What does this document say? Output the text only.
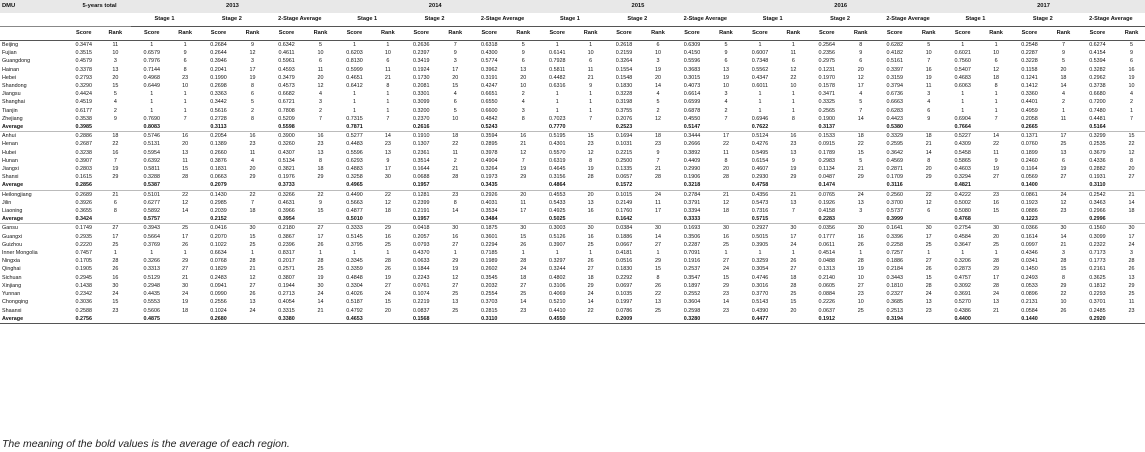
DMU	5-years total		2013						2014						2015						2016						2017					
			Stage 1		Stage 2		2-Stage Average		Stage 1		Stage 2		2-Stage Average		Stage 1		Stage 2		2-Stage Average		Stage 1		Stage 2		2-Stage Average		Stage 1		Stage 2		2-Stage Average	
	Score	Rank	Score	Rank	Score	Rank	Score	Rank	Score	Rank	Score	Rank	Score	Rank	Score	Rank	Score	Rank	Score	Rank	Score	Rank	Score	Rank	Score	Rank	Score	Rank	Score	Rank	Score	Rank
Beijing	0.3474	11	1	1	0.2684	9	0.6342	5	1	1	0.2636	7	0.6318	5	1	1	0.2618	6	0.6309	5	1	1	0.2564	8	0.6282	5	1	1	0.2548	7	0.6274	5
Fujian	0.3515	10	0.6579	9	0.2644	12	0.4611	10	0.6203	10	0.2397	9	0.4300	9	0.6141	10	0.2159	10	0.4150	9	0.6007	11	0.2356	9	0.4182	10	0.6021	10	0.2287	9	0.4154	9
Guangdong	0.4579	3	0.7976	6	0.3946	3	0.5961	6	0.8130	6	0.3419	3	0.5774	6	0.7928	6	0.3264	3	0.5596	6	0.7348	6	0.2975	6	0.5161	7	0.7560	6	0.3228	5	0.5394	6
Hainan	0.3378	13	0.7144	8	0.2041	17	0.4593	11	0.5999	11	0.1924	17	0.3962	13	0.5811	11	0.1554	19	0.3683	13	0.5562	12	0.1231	20	0.3397	16	0.5407	12	0.1158	20	0.3282	16
Hebei	0.2793	20	0.4968	23	0.1990	19	0.3479	20	0.4651	21	0.1730	20	0.3191	20	0.4482	21	0.1548	20	0.3015	19	0.4347	22	0.1970	12	0.3159	19	0.4683	18	0.1241	18	0.2962	19
Shandong	0.3290	15	0.6449	10	0.2698	8	0.4573	12	0.6412	8	0.2081	15	0.4247	10	0.6316	9	0.1830	14	0.4073	10	0.6011	10	0.1578	17	0.3794	11	0.6063	8	0.1412	14	0.3738	10
Jiangsu	0.4424	5	1	1	0.3363	6	0.6682	4	1	1	0.3301	4	0.6651	2	1	1	0.3228	4	0.6614	3	1	1	0.3471	4	0.6736	3	1	1	0.3360	4	0.6680	4
Shanghai	0.4519	4	1	1	0.3442	5	0.6721	3	1	1	0.3099	6	0.6550	4	1	1	0.3198	5	0.6599	4	1	1	0.3325	5	0.6663	4	1	1	0.4401	2	0.7200	2
Tianjin	0.6177	2	1	1	0.5616	2	0.7808	2	1	1	0.3200	5	0.6600	3	1	1	0.3755	2	0.6878	2	1	1	0.2565	7	0.6283	6	1	1	0.4959	1	0.7480	1
Zhejiang	0.3538	9	0.7690	7	0.2728	8	0.5209	7	0.7315	7	0.2370	10	0.4842	8	0.7023	7	0.2076	12	0.4550	7	0.6946	8	0.1900	14	0.4423	9	0.6904	7	0.2058	11	0.4481	7
Average	0.3985		0.8083		0.3113		0.5598		0.7871		0.2616		0.5243		0.7770		0.2523		0.5147		0.7622		0.3137		0.5380		0.7664		0.2665		0.5164	
Anhui	0.2886	18	0.5746	16	0.2054	16	0.3900	16	0.5277	14	0.1910	18	0.3594	16	0.5195	15	0.1694	18	0.3444	17	0.5124	16	0.1533	18	0.3329	18	0.5227	14	0.1371	17	0.3299	15
Henan	0.2687	22	0.5131	20	0.1389	23	0.3260	23	0.4483	23	0.1307	22	0.2895	21	0.4301	23	0.1031	23	0.2666	22	0.4276	23	0.0915	22	0.2595	21	0.4309	22	0.0760	25	0.2535	22
Hubei	0.3238	16	0.5954	13	0.2660	11	0.4307	13	0.5596	13	0.2361	11	0.3978	12	0.5570	12	0.2215	9	0.3892	11	0.5495	13	0.1789	15	0.3642	14	0.5458	11	0.1899	13	0.3679	12
Hunan	0.3907	7	0.6392	11	0.3876	4	0.5134	8	0.6293	9	0.3514	2	0.4904	7	0.6319	8	0.2500	7	0.4409	8	0.6154	9	0.2983	5	0.4569	8	0.5865	9	0.2460	6	0.4336	8
Jiangxi	0.2803	19	0.5811	15	0.1831	20	0.3821	18	0.4883	17	0.1644	21	0.3264	19	0.4645	19	0.1335	21	0.2990	20	0.4607	19	0.1134	21	0.2871	20	0.4603	19	0.1164	19	0.2882	20
Shanxi	0.1615	29	0.3288	28	0.0663	29	0.1976	29	0.3258	30	0.0688	28	0.1973	29	0.3156	28	0.0657	28	0.1906	28	0.2930	29	0.0487	29	0.1709	29	0.3294	27	0.0569	27	0.1931	27
Average	0.2856		0.5387		0.2079		0.3733		0.4965		0.1957		0.3435		0.4864		0.1572		0.3218		0.4758		0.1474		0.3116		0.4821		0.1400		0.3110	
Heilongjiang	0.2689	21	0.5101	22	0.1430	22	0.3266	22	0.4490	22	0.1281	23	0.2926	20	0.4553	20	0.1015	24	0.2784	21	0.4356	21	0.0765	24	0.2560	22	0.4222	23	0.0861	24	0.2542	21
Jilin	0.3926	6	0.6277	12	0.2985	7	0.4631	9	0.5663	12	0.2399	8	0.4031	11	0.5433	13	0.2149	11	0.3791	12	0.5473	13	0.1926	13	0.3700	12	0.5002	16	0.1923	12	0.3463	14
Liaoning	0.3655	8	0.5892	14	0.2039	18	0.3966	15	0.4877	18	0.2191	14	0.3534	17	0.4925	16	0.1760	17	0.3394	18	0.7316	7	0.4158	3	0.5737	6	0.5080	15	0.0886	23	0.2966	18
Average	0.3424		0.5757		0.2152		0.3954		0.5010		0.1957		0.3484		0.5025		0.1642		0.3333		0.5715		0.2283		0.3999		0.4768		0.1223		0.2996	
Gansu	0.1749	27	0.3943	25	0.0416	30	0.2180	27	0.3333	29	0.0418	30	0.1875	30	0.3003	30	0.0384	30	0.1693	30	0.2927	30	0.0356	30	0.1641	30	0.2754	30	0.0366	30	0.1560	30
Guangxi	0.2935	17	0.5664	17	0.2070	15	0.3867	17	0.5145	16	0.2057	16	0.3601	15	0.5126	16	0.1886	14	0.3506	16	0.5015	17	0.1777	16	0.3396	17	0.4584	20	0.1614	14	0.3099	17
Guizhou	0.2220	25	0.3769	26	0.1022	25	0.2396	26	0.3795	25	0.0793	27	0.2294	26	0.3907	25	0.0667	27	0.2287	25	0.3905	24	0.0611	26	0.2258	25	0.3647	25	0.0997	21	0.2322	24
Inner Mongolia	0.7457	1	1	1	0.6634	1	0.8317	1	1	1	0.4370	1	0.7185	1	1	1	0.4181	1	0.7091	1	1	1	0.4514	1	0.7257	1	1	1	0.4346	3	0.7173	3
Ningxia	0.1705	28	0.3266	29	0.0768	28	0.2017	28	0.3345	28	0.0633	29	0.1989	28	0.3297	26	0.0516	29	0.1916	27	0.3259	26	0.0488	28	0.1886	27	0.3206	28	0.0341	28	0.1773	28
Qinghai	0.1905	26	0.3313	27	0.1829	21	0.2571	25	0.3359	26	0.1844	19	0.2602	24	0.3244	27	0.1830	15	0.2537	24	0.3054	27	0.1313	19	0.2184	26	0.2873	29	0.1450	15	0.2161	26
Sichuan	0.2945	16	0.5129	21	0.2483	12	0.3807	19	0.4848	19	0.2243	12	0.3545	18	0.4802	18	0.2292	8	0.3547	15	0.4746	18	0.2140	10	0.3443	15	0.4757	17	0.2493	8	0.3625	13
Xinjiang	0.1438	30	0.2948	30	0.0941	27	0.1944	30	0.3304	27	0.0761	27	0.2032	27	0.3106	29	0.0697	26	0.1897	29	0.3016	28	0.0605	27	0.1810	28	0.3092	28	0.0533	29	0.1812	29
Yunnan	0.2342	24	0.4435	24	0.0990	26	0.2713	24	0.4026	24	0.1074	25	0.2554	25	0.4069	24	0.1035	22	0.2552	23	0.3770	25	0.0884	23	0.2327	24	0.3691	24	0.0896	22	0.2293	25
Chongqing	0.3036	15	0.5553	19	0.2556	13	0.4054	14	0.5187	15	0.2219	13	0.3703	14	0.5210	14	0.1997	13	0.3604	14	0.5143	15	0.2226	10	0.3685	13	0.5270	13	0.2131	10	0.3701	11
Shaanxi	0.2588	23	0.5606	18	0.1024	24	0.3315	21	0.4792	20	0.0837	25	0.2815	23	0.4410	22	0.0786	25	0.2598	23	0.4390	20	0.0637	25	0.2513	23	0.4386	21	0.0584	26	0.2485	23
Average	0.2756		0.4875		0.2680		0.3380		0.4653		0.1568		0.3110		0.4550		0.2009		0.3280		0.4477		0.1912		0.3194		0.4400		0.1440		0.2920	
The meaning of the bold values is the average of each region.
